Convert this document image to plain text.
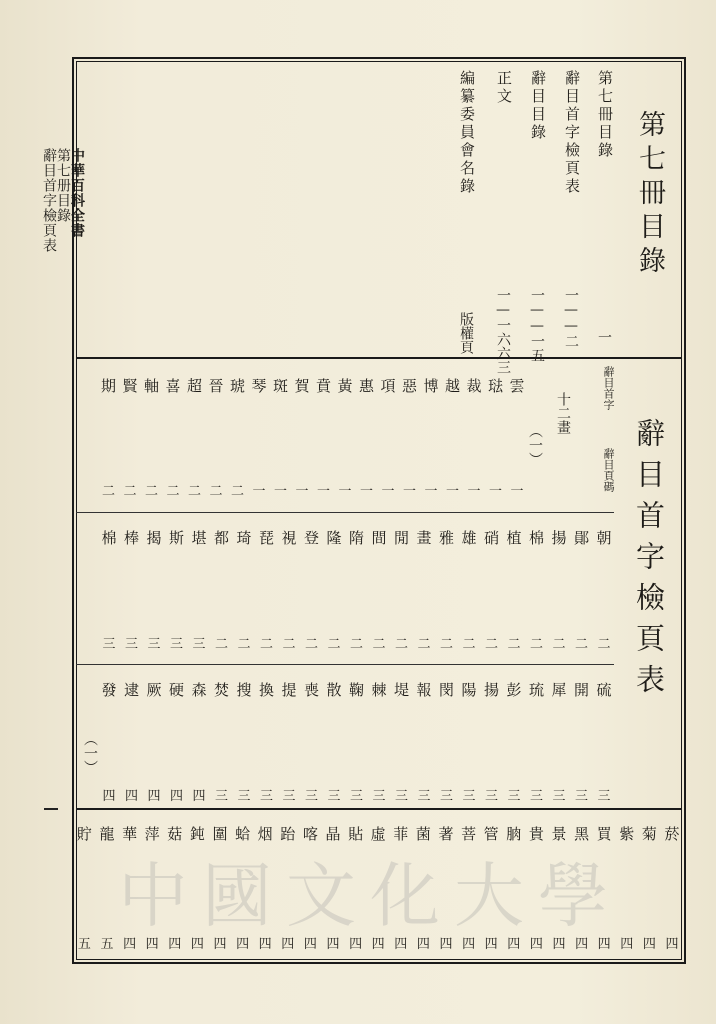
中華百科全書
第七册目錄
辭目首字檢頁表	第七冊目錄
第七冊目錄
辭目首字檢頁表
辭目目錄
正文
編纂委員會名錄
一
一——二
一——一五
一—一六六三
版權頁
辭目首字檢頁表
辭目首字
辭目頁碼
十二畫
（一）
（一）
雲
一
琺
一
裁
一
越
一
博
一
惡
一
項
一
惠
一
黃
一
賁
一
賀
一
斑
一
琴
一
琥
二
晉
二
超
二
喜
二
軸
二
賢
二
期
二
朝
二
鄖
二
揚
二
棉
二
植
二
硝
二
雄
二
雅
二
畫
二
閒
二
間
二
隋
二
隆
二
登
二
視
二
琵
二
琦
二
都
二
堪
三
斯
三
揭
三
棒
三
棉
三
硫
三
開
三
犀
三
琉
三
彭
三
揚
三
陽
三
閔
三
報
三
堤
三
棘
三
鞠
三
散
三
喪
三
提
三
換
三
搜
三
焚
三
森
四
硬
四
厥
四
逮
四
發
四
菸
四
菊
四
紫
四
買
四
黑
四
景
四
貴
四
朒
四
管
四
菩
四
著
四
菌
四
菲
四
虛
四
貼
四
晶
四
喀
四
跆
四
烟
四
蛤
四
圍
四
鈍
四
菇
四
萍
四
華
四
龍
五
貯
五
中國文化大學
